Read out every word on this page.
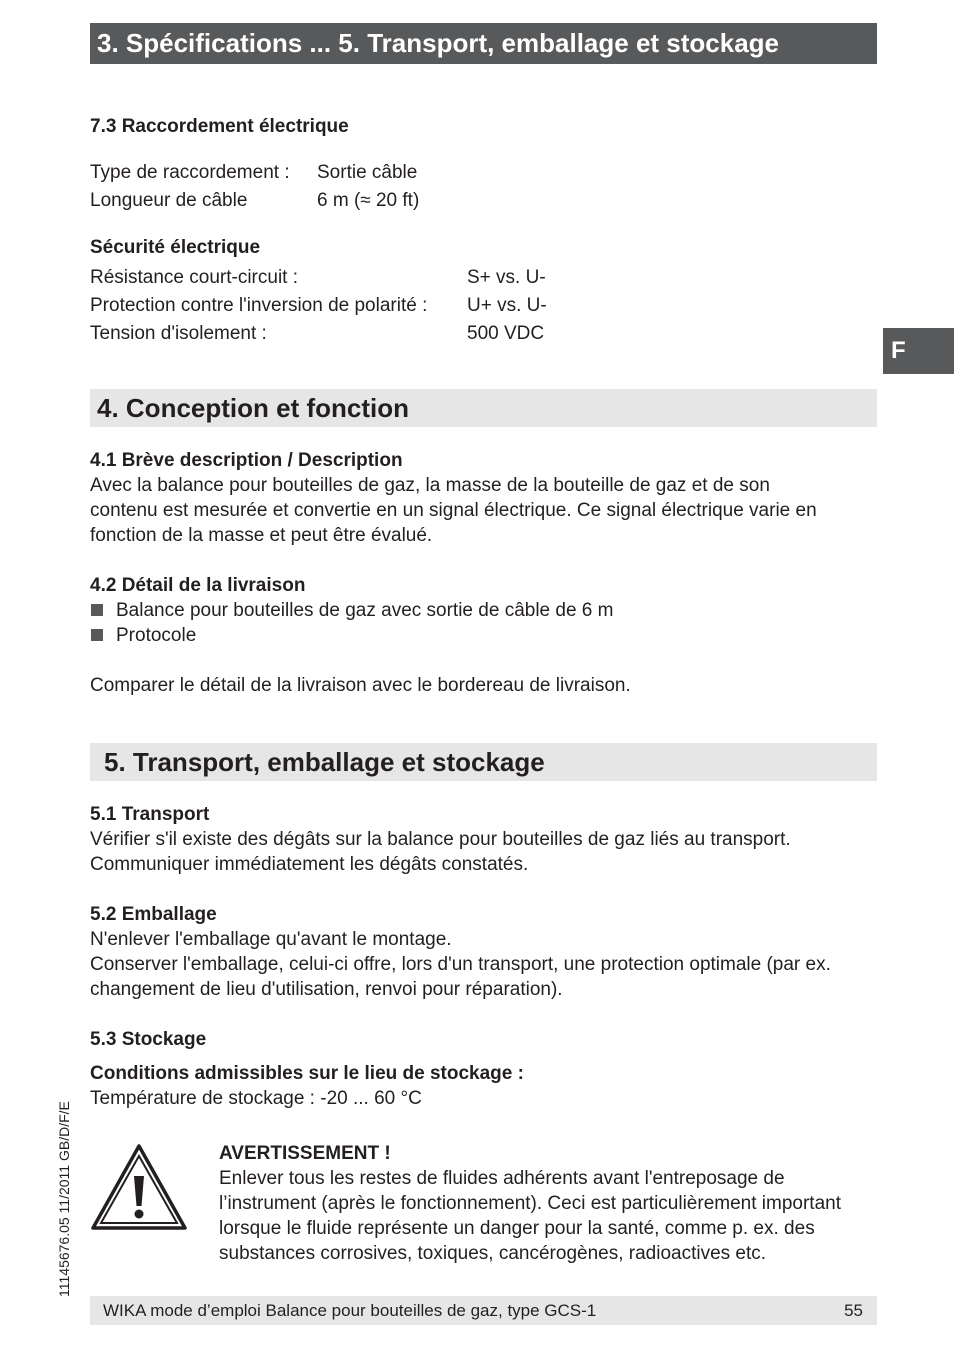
3. Spécifications ... 5. Transport, emballage et stockage
F
7.3 Raccordement électrique
Type de raccordement : Sortie câble
Longueur de câble	6 m (≈ 20 ft)
Sécurité électrique
Résistance court-circuit :	S+ vs. U-
Protection contre l'inversion de polarité : U+ vs. U-
Tension d'isolement :	500 VDC
4. Conception et fonction
4.1 Brève description / Description
Avec la balance pour bouteilles de gaz, la masse de la bouteille de gaz et de son
contenu est mesurée et convertie en un signal électrique. Ce signal électrique varie en
fonction de la masse et peut être évalué.
4.2 Détail de la livraison
Balance pour bouteilles de gaz avec sortie de câble de 6 m
Protocole
Comparer le détail de la livraison avec le bordereau de livraison.
5. Transport, emballage et stockage
5.1 Transport
Vérifier s'il existe des dégâts sur la balance pour bouteilles de gaz liés au transport.
Communiquer immédiatement les dégâts constatés.
5.2 Emballage
N'enlever l'emballage qu'avant le montage.
Conserver l'emballage, celui-ci offre, lors d'un transport, une protection optimale (par ex.
changement de lieu d'utilisation, renvoi pour réparation).
5.3 Stockage
Conditions admissibles sur le lieu de stockage :
Température de stockage : -20 ... 60 °C
AVERTISSEMENT !
Enlever tous les restes de fluides adhérents avant l'entreposage de
l’instrument (après le fonctionnement). Ceci est particulièrement important
lorsque le fluide représente un danger pour la santé, comme p. ex. des
substances corrosives, toxiques, cancérogènes, radioactives etc.
11145676.05 11/2011 GB/D/F/E
WIKA mode d’emploi Balance pour bouteilles de gaz, type GCS-1	55
